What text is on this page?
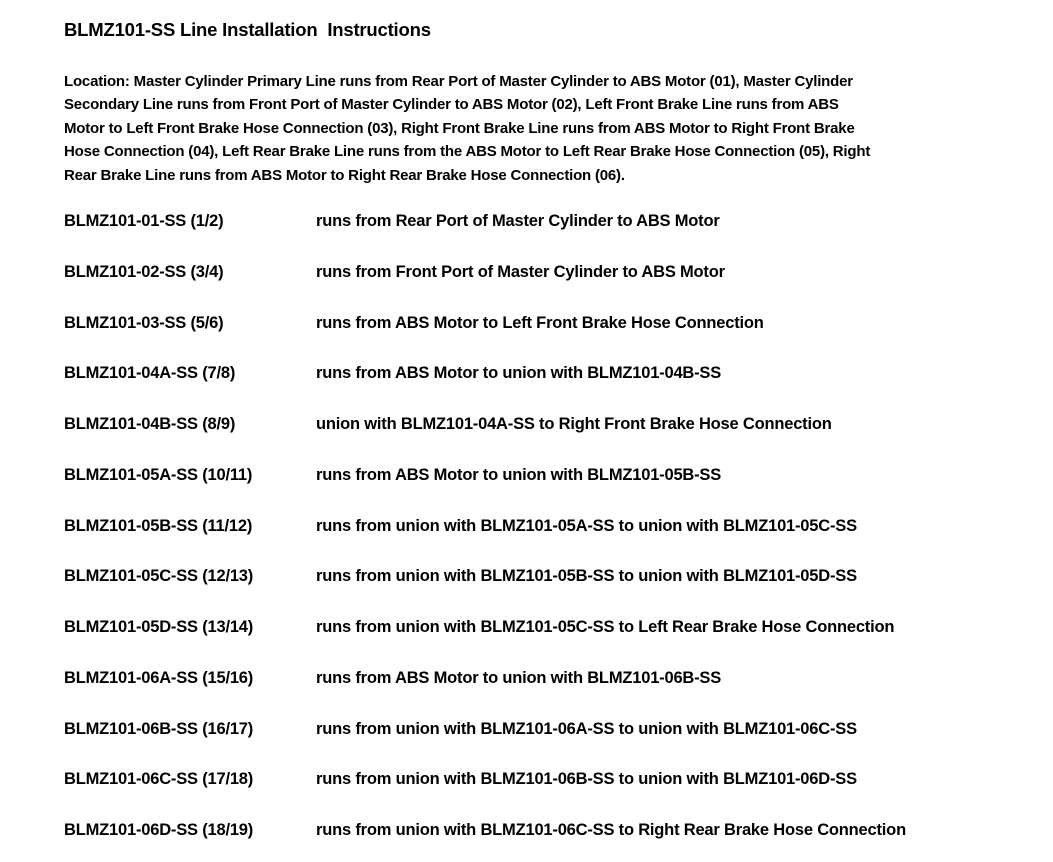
BLMZ101-SS Line Installation  Instructions
Location: Master Cylinder Primary Line runs from Rear Port of Master Cylinder to ABS Motor (01), Master Cylinder
Secondary Line runs from Front Port of Master Cylinder to ABS Motor (02), Left Front Brake Line runs from ABS
Motor to Left Front Brake Hose Connection (03), Right Front Brake Line runs from ABS Motor to Right Front Brake
Hose Connection (04), Left Rear Brake Line runs from the ABS Motor to Left Rear Brake Hose Connection (05), Right
Rear Brake Line runs from ABS Motor to Right Rear Brake Hose Connection (06).
BLMZ101-01-SS (1/2)	runs from Rear Port of Master Cylinder to ABS Motor
BLMZ101-02-SS (3/4)	runs from Front Port of Master Cylinder to ABS Motor
BLMZ101-03-SS (5/6)	runs from ABS Motor to Left Front Brake Hose Connection
BLMZ101-04A-SS (7/8)	runs from ABS Motor to union with BLMZ101-04B-SS
BLMZ101-04B-SS (8/9)	union with BLMZ101-04A-SS to Right Front Brake Hose Connection
BLMZ101-05A-SS (10/11)	runs from ABS Motor to union with BLMZ101-05B-SS
BLMZ101-05B-SS (11/12)	runs from union with BLMZ101-05A-SS to union with BLMZ101-05C-SS
BLMZ101-05C-SS (12/13)	runs from union with BLMZ101-05B-SS to union with BLMZ101-05D-SS
BLMZ101-05D-SS (13/14)	runs from union with BLMZ101-05C-SS to Left Rear Brake Hose Connection
BLMZ101-06A-SS (15/16)	runs from ABS Motor to union with BLMZ101-06B-SS
BLMZ101-06B-SS (16/17)	runs from union with BLMZ101-06A-SS to union with BLMZ101-06C-SS
BLMZ101-06C-SS (17/18)	runs from union with BLMZ101-06B-SS to union with BLMZ101-06D-SS
BLMZ101-06D-SS (18/19)	runs from union with BLMZ101-06C-SS to Right Rear Brake Hose Connection
